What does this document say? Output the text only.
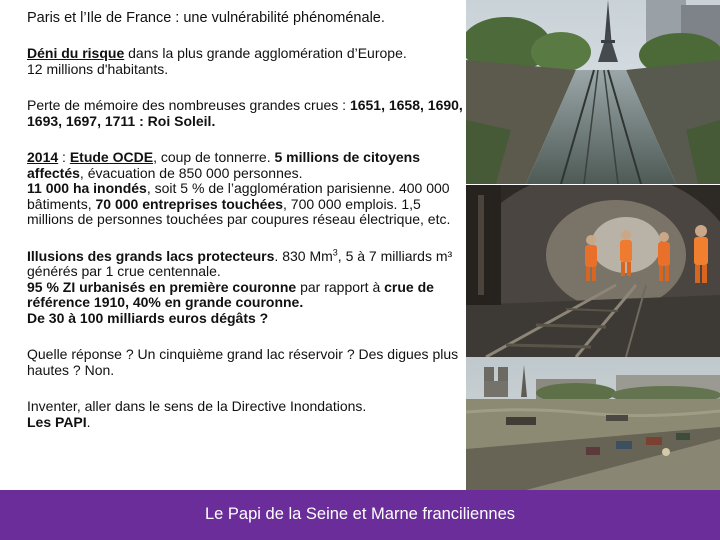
Paris et l’Ile de France : une vulnérabilité phénoménale.

Déni du risque dans la plus grande agglomération d’Europe.
12 millions d'habitants.

Perte de mémoire des nombreuses grandes crues : 1651, 1658, 1690, 1693, 1697, 1711 : Roi Soleil.

2014 : Etude OCDE, coup de tonnerre. 5 millions de citoyens affectés, évacuation de 850 000 personnes.
11 000 ha inondés, soit 5 % de l’agglomération parisienne. 400 000 bâtiments, 70 000 entreprises touchées, 700 000 emplois. 1,5 millions de personnes touchées par coupures réseau électrique, etc.

Illusions des grands lacs protecteurs. 830 Mm$^3$, 5 à 7 milliards m³ générés par 1 crue centennale.
95 % ZI urbanisés en première couronne par rapport à crue de référence 1910, 40% en grande couronne.
De 30 à 100 milliards euros dégâts ?

Quelle réponse ? Un cinquième grand lac réservoir ? Des digues plus hautes ? Non.

Inventer, aller dans le sens de la Directive Inondations.
Les PAPI.

Le Papi de la Seine et Marne franciliennes
